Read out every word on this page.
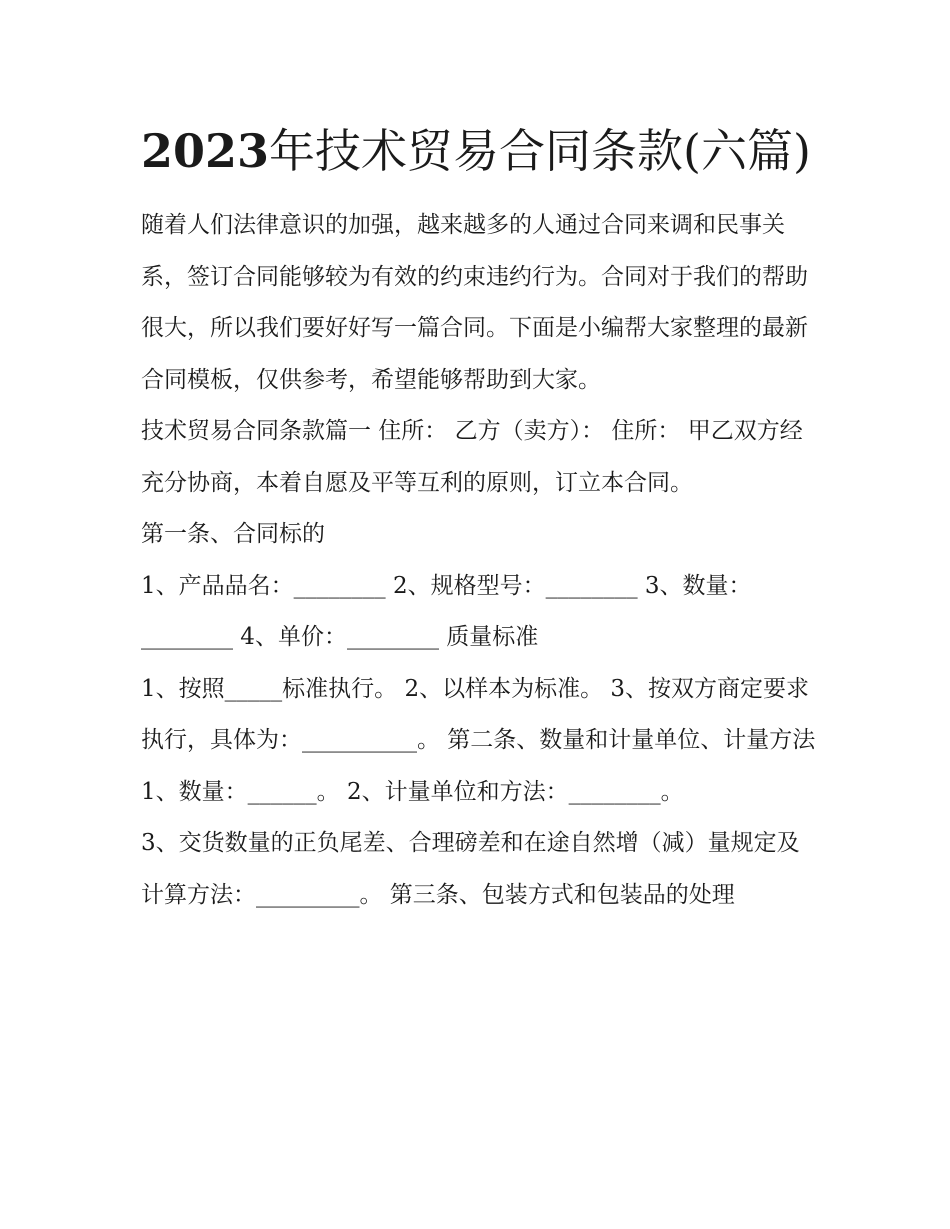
2023年技术贸易合同条款(六篇)

随着人们法律意识的加强，越来越多的人通过合同来调和民事关系，签订合同能够较为有效的约束违约行为。合同对于我们的帮助很大，所以我们要好好写一篇合同。下面是小编帮大家整理的最新合同模板，仅供参考，希望能够帮助到大家。

技术贸易合同条款篇一 住所： 乙方（卖方）： 住所： 甲乙双方经充分协商，本着自愿及平等互利的原则，订立本合同。

第一条、合同标的

1、产品品名：________ 2、规格型号：________ 3、数量：________ 4、单价：________ 质量标准

1、按照_____标准执行。 2、以样本为标准。 3、按双方商定要求执行，具体为：__________。 第二条、数量和计量单位、计量方法

1、数量：______。 2、计量单位和方法：________。

3、交货数量的正负尾差、合理磅差和在途自然增（减）量规定及计算方法：_________。 第三条、包装方式和包装品的处理
